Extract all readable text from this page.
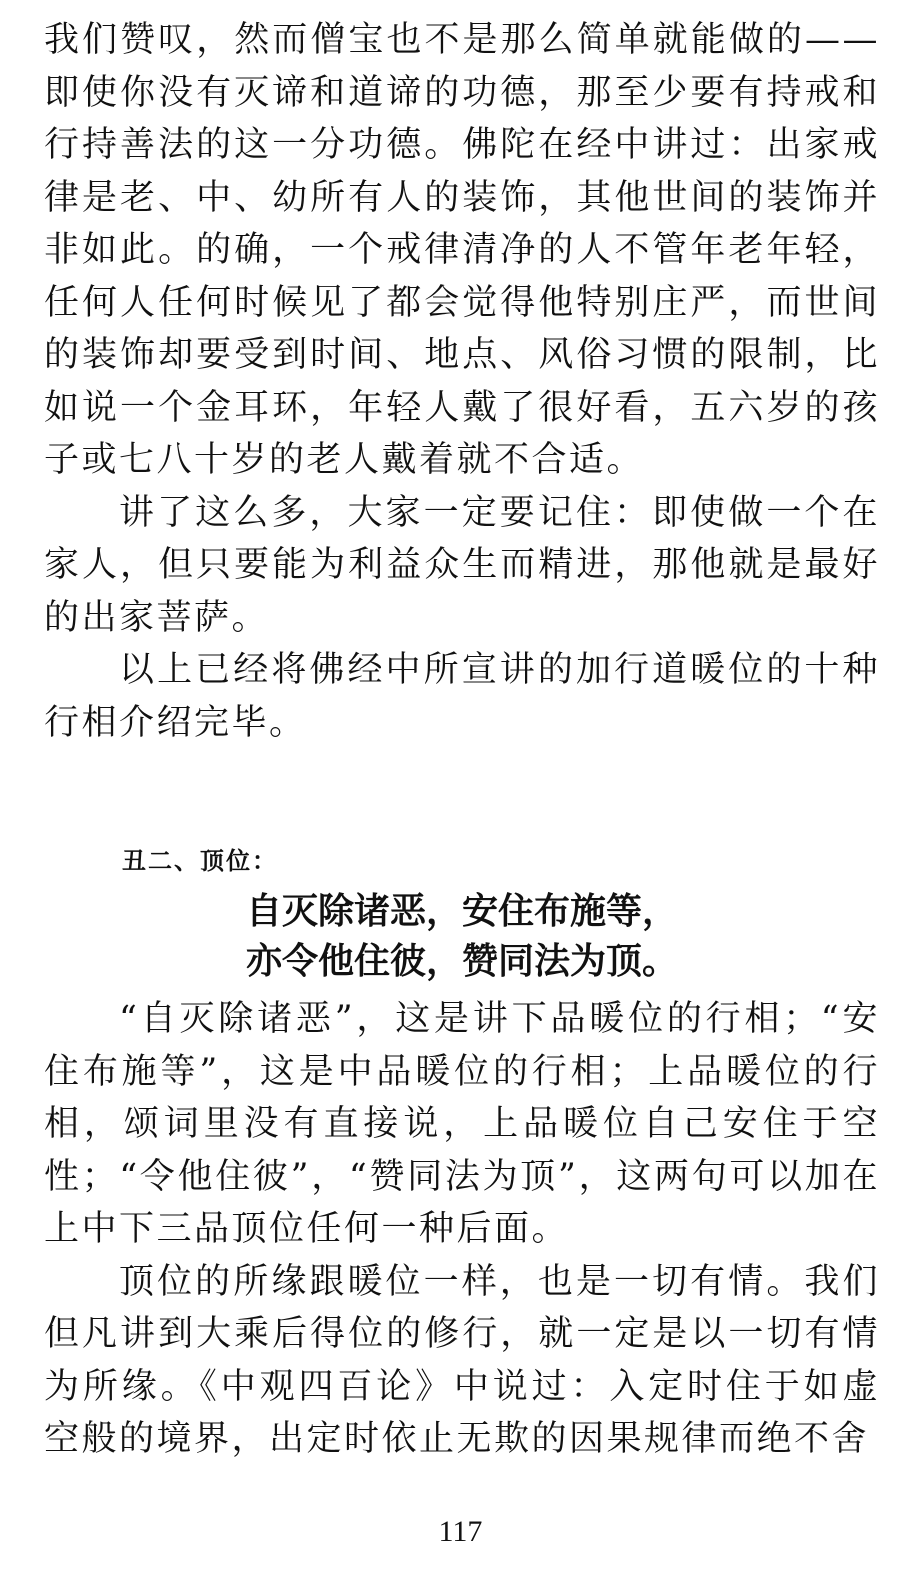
我们赞叹，然而僧宝也不是那么简单就能做的——即使你没有灭谛和道谛的功德，那至少要有持戒和行持善法的这一分功德。佛陀在经中讲过：出家戒律是老、中、幼所有人的装饰，其他世间的装饰并非如此。的确，一个戒律清净的人不管年老年轻，任何人任何时候见了都会觉得他特别庄严，而世间的装饰却要受到时间、地点、风俗习惯的限制，比如说一个金耳环，年轻人戴了很好看，五六岁的孩子或七八十岁的老人戴着就不合适。

讲了这么多，大家一定要记住：即使做一个在家人，但只要能为利益众生而精进，那他就是最好的出家菩萨。

以上已经将佛经中所宣讲的加行道暖位的十种行相介绍完毕。

丑二、顶位：

自灭除诸恶，安住布施等，

亦令他住彼，赞同法为顶。

“自灭除诸恶”，这是讲下品暖位的行相；“安住布施等”，这是中品暖位的行相；上品暖位的行相，颂词里没有直接说，上品暖位自己安住于空性；“令他住彼”，“赞同法为顶”，这两句可以加在上中下三品顶位任何一种后面。

顶位的所缘跟暖位一样，也是一切有情。我们但凡讲到大乘后得位的修行，就一定是以一切有情为所缘。《中观四百论》中说过：入定时住于如虚空般的境界，出定时依止无欺的因果规律而绝不舍

117
